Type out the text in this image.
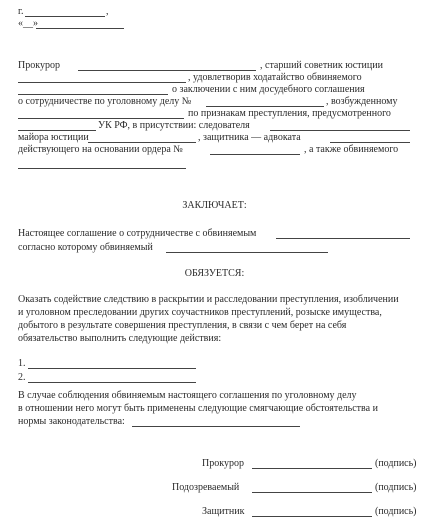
г.	,
«__»
Прокурор	, старший советник юстиции
, удовлетворив ходатайство обвиняемого
о заключении с ним досудебного соглашения
о сотрудничестве по уголовному делу №	, возбужденному
по признакам преступления, предусмотренного
УК РФ, в присутствии: следователя
майора юстиции	, защитника — адвоката
действующего на основании ордера №	, а также обвиняемого
ЗАКЛЮЧАЕТ:
Настоящее соглашение о сотрудничестве с обвиняемым
согласно которому обвиняемый
ОБЯЗУЕТСЯ:
Оказать содействие следствию в раскрытии и расследовании преступления, изобличении
и уголовном преследовании других соучастников преступлений, розыске имущества,
добытого в результате совершения преступления, в связи с чем берет на себя
обязательство выполнить следующие действия:
1.
2.
В случае соблюдения обвиняемым настоящего соглашения по уголовному делу
в отношении него могут быть применены следующие смягчающие обстоятельства и
нормы законодательства:
Прокурор	(подпись)
Подозреваемый	(подпись)
Защитник	(подпись)
